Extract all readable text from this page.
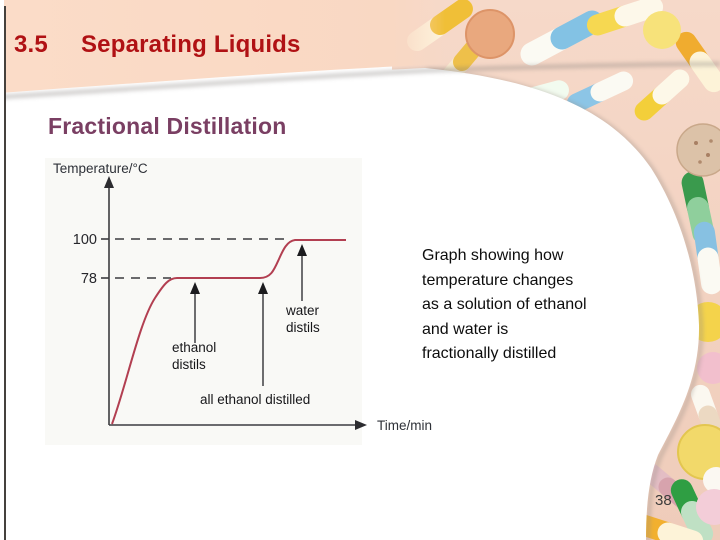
3.5 Separating Liquids
Fractional Distillation
Temperature/°C
100
78
ethanol
distils
all ethanol distilled
water
distils
Time/min
Graph showing how
temperature changes
as a solution of ethanol
and water is
fractionally distilled
38
